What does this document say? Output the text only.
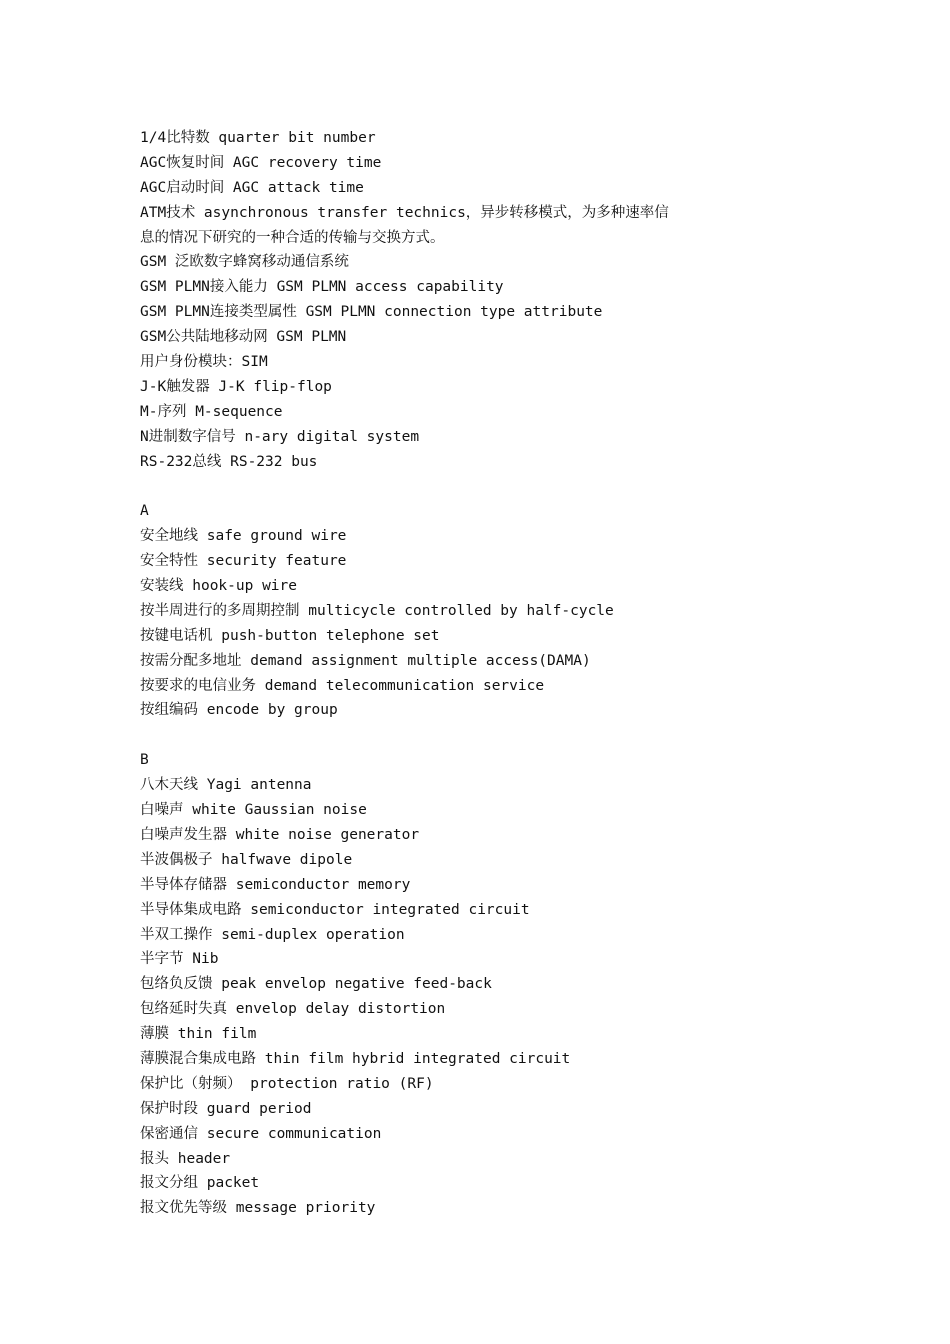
1/4比特数 quarter bit number
AGC恢复时间 AGC recovery time
AGC启动时间 AGC attack time
ATM技术 asynchronous transfer technics，异步转移模式，为多种速率信
息的情况下研究的一种合适的传输与交换方式。
GSM 泛欧数字蜂窝移动通信系统
GSM PLMN接入能力 GSM PLMN access capability
GSM PLMN连接类型属性 GSM PLMN connection type attribute
GSM公共陆地移动网 GSM PLMN
用户身份模块：SIM
J-K触发器 J-K flip-flop
M-序列 M-sequence
N进制数字信号 n-ary digital system
RS-232总线 RS-232 bus
A
安全地线 safe ground wire
安全特性 security feature
安装线 hook-up wire
按半周进行的多周期控制 multicycle controlled by half-cycle
按键电话机 push-button telephone set
按需分配多地址 demand assignment multiple access(DAMA)
按要求的电信业务 demand telecommunication service
按组编码 encode by group
B
八木天线 Yagi antenna
白噪声 white Gaussian noise
白噪声发生器 white noise generator
半波偶极子 halfwave dipole
半导体存储器 semiconductor memory
半导体集成电路 semiconductor integrated circuit
半双工操作 semi-duplex operation
半字节 Nib
包络负反馈 peak envelop negative feed-back
包络延时失真 envelop delay distortion
薄膜 thin film
薄膜混合集成电路 thin film hybrid integrated circuit
保护比（射频） protection ratio (RF)
保护时段 guard period
保密通信 secure communication
报头 header
报文分组 packet
报文优先等级 message priority
